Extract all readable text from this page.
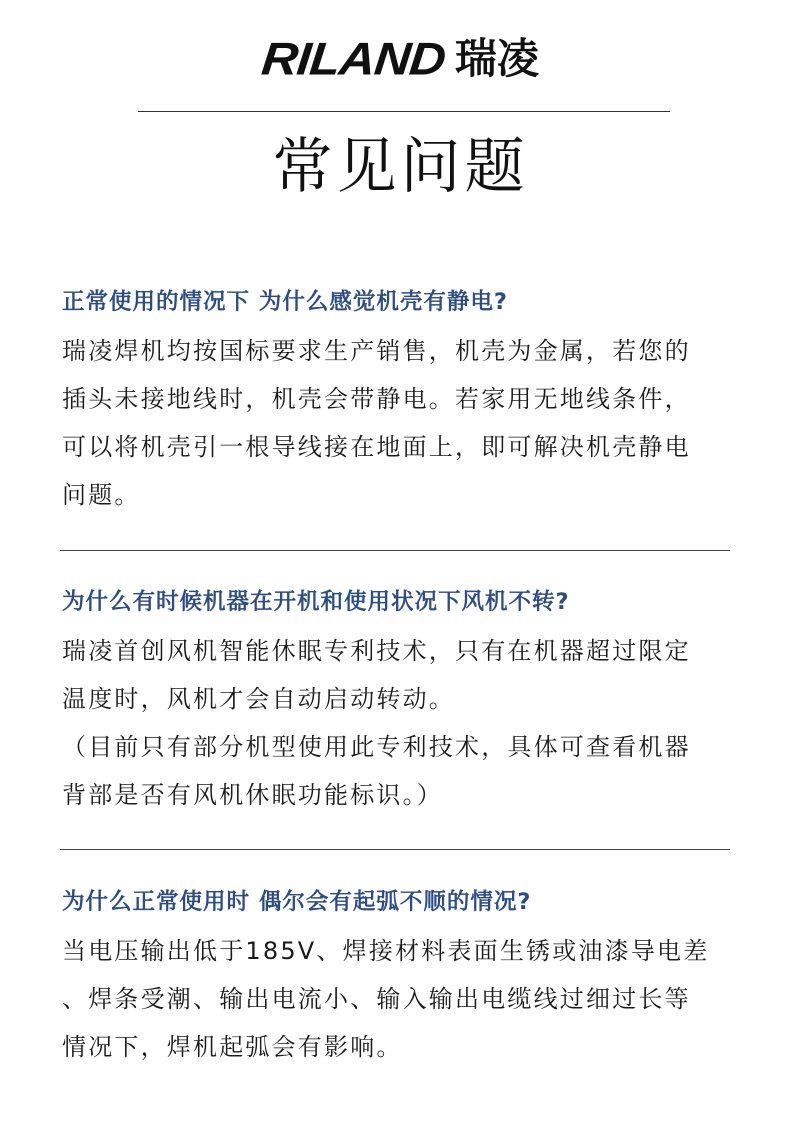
RILAND 瑞凌
常见问题
正常使用的情况下 为什么感觉机壳有静电?

瑞凌焊机均按国标要求生产销售，机壳为金属，若您的

插头未接地线时，机壳会带静电。若家用无地线条件，

可以将机壳引一根导线接在地面上，即可解决机壳静电

问题。

为什么有时候机器在开机和使用状况下风机不转?

瑞凌首创风机智能休眠专利技术，只有在机器超过限定

温度时，风机才会自动启动转动。

（目前只有部分机型使用此专利技术，具体可查看机器

背部是否有风机休眠功能标识。）

为什么正常使用时 偶尔会有起弧不顺的情况?

当电压输出低于185V、焊接材料表面生锈或油漆导电差

、焊条受潮、输出电流小、输入输出电缆线过细过长等

情况下，焊机起弧会有影响。
